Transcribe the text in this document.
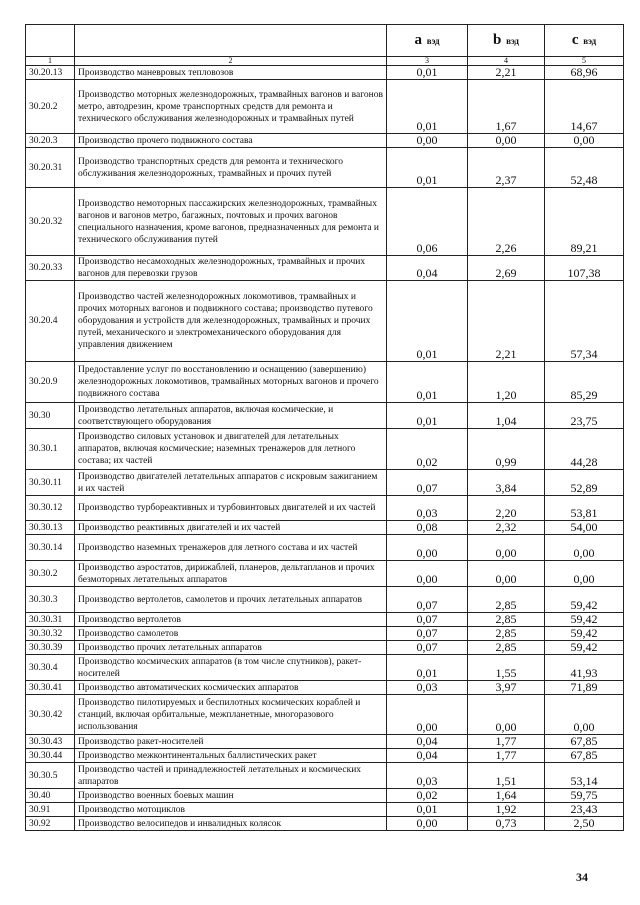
		a вэд	b вэд	c вэд
1	2	3	4	5
30.20.13	Производство маневровых тепловозов	0,01	2,21	68,96
30.20.2	Производство моторных железнодорожных, трамвайных вагонов и вагонов метро, автодрезин, кроме транспортных средств для ремонта и технического обслуживания железнодорожных и трамвайных путей	0,01	1,67	14,67
30.20.3	Производство прочего подвижного состава	0,00	0,00	0,00
30.20.31	Производство транспортных средств для ремонта и технического обслуживания железнодорожных, трамвайных и прочих путей	0,01	2,37	52,48
30.20.32	Производство немоторных пассажирских железнодорожных, трамвайных вагонов и вагонов метро, багажных, почтовых и прочих вагонов специального назначения, кроме вагонов, предназначенных для ремонта и технического обслуживания путей	0,06	2,26	89,21
30.20.33	Производство несамоходных железнодорожных, трамвайных и прочих вагонов для перевозки грузов	0,04	2,69	107,38
30.20.4	Производство частей железнодорожных локомотивов, трамвайных и прочих моторных вагонов и подвижного состава; производство путевого оборудования и устройств для железнодорожных, трамвайных и прочих путей, механического и электромеханического оборудования для управления движением	0,01	2,21	57,34
30.20.9	Предоставление услуг по восстановлению и оснащению (завершению) железнодорожных локомотивов, трамвайных моторных вагонов и прочего подвижного состава	0,01	1,20	85,29
30.30	Производство летательных аппаратов, включая космические, и соответствующего оборудования	0,01	1,04	23,75
30.30.1	Производство силовых установок и двигателей для летательных аппаратов, включая космические; наземных тренажеров для летного состава; их частей	0,02	0,99	44,28
30.30.11	Производство двигателей летательных аппаратов с искровым зажиганием и их частей	0,07	3,84	52,89
30.30.12	Производство турбореактивных и турбовинтовых двигателей и их частей	0,03	2,20	53,81
30.30.13	Производство реактивных двигателей и их частей	0,08	2,32	54,00
30.30.14	Производство наземных тренажеров для летного состава и их частей	0,00	0,00	0,00
30.30.2	Производство аэростатов, дирижаблей, планеров, дельтапланов и прочих безмоторных летательных аппаратов	0,00	0,00	0,00
30.30.3	Производство вертолетов, самолетов и прочих летательных аппаратов	0,07	2,85	59,42
30.30.31	Производство вертолетов	0,07	2,85	59,42
30.30.32	Производство самолетов	0,07	2,85	59,42
30.30.39	Производство прочих летательных аппаратов	0,07	2,85	59,42
30.30.4	Производство космических аппаратов (в том числе спутников), ракет-носителей	0,01	1,55	41,93
30.30.41	Производство автоматических космических аппаратов	0,03	3,97	71,89
30.30.42	Производство пилотируемых и беспилотных космических кораблей и станций, включая орбитальные, межпланетные, многоразового использования	0,00	0,00	0,00
30.30.43	Производство ракет-носителей	0,04	1,77	67,85
30.30.44	Производство межконтинентальных баллистических ракет	0,04	1,77	67,85
30.30.5	Производство частей и принадлежностей летательных и космических аппаратов	0,03	1,51	53,14
30.40	Производство военных боевых машин	0,02	1,64	59,75
30.91	Производство мотоциклов	0,01	1,92	23,43
30.92	Производство велосипедов и инвалидных колясок	0,00	0,73	2,50
34
